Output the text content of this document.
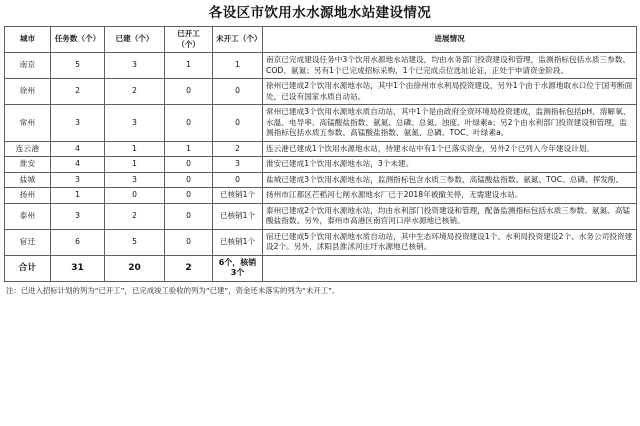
各设区市饮用水水源地水站建设情况
城市	任务数（个）	已建（个）	已开工（个）	未开工（个）	进展情况
南京	5	3	1	1	南京已完成建设任务中3个饮用水源地水站建设，均由水务部门投资建设和管理，监测指标包括水质三参数、COD、氨氮；另有1个已完成招标采购，1个已完成点位选址论证，正处于申请资金阶段。
徐州	2	2	0	0	徐州已建成2个饮用水源地水站，其中1个由徐州市水利局投资建设，另外1个由于水源地取水口位于国考断面处，已设有国家水质自动站。
常州	3	3	0	0	常州已建成3个饮用水源地水质自动站，其中1个是由政府全资环境局投资建成，监测指标包括pH、溶解氧、水温、电导率、高锰酸盐指数、氨氮、总磷、总氮、浊度、叶绿素a；另2个由水利部门投资建设和管理，监测指标包括水质五参数、高锰酸盐指数、氨氮、总磷、TOC、叶绿素a。
连云港	4	1	1	2	连云港已建成1个饮用水源地水站，待建水站中有1个已落实资金，另外2个已列入今年建设计划。
淮安	4	1	0	3	淮安已建成1个饮用水源地水站，3个未建。
盐城	3	3	0	0	盐城已建成3个饮用水源地水站，监测指标包含水质三参数、高锰酸盐指数、氨氮、TOC、总磷、挥发酚。
扬州	1	0	0	已核销1个	扬州市江都区芒稻河七闸水源地水厂已于2018年被撤关停，无需建设水站。
泰州	3	2	0	已核销1个	泰州已建成2个饮用水源地水站，均由水利部门投资建设和管理，配备监测指标包括水质三参数、氨氮、高锰酸盐指数。另外，泰州市高港区南官河口岸水源地已核销。
宿迁	6	5	0	已核销1个	宿迁已建成5个饮用水源地水质自动站，其中生态环境局投资建设1个、水利局投资建设2个、水务公司投资建设2个。另外，沭阳县淮沭河庄圩水源地已核销。
合计	31	20	2	6个，核销3个	
注：已进入招标计划的列为“已开工”，已完成竣工验收的列为“已建”，资金还未落实的列为“未开工”。
